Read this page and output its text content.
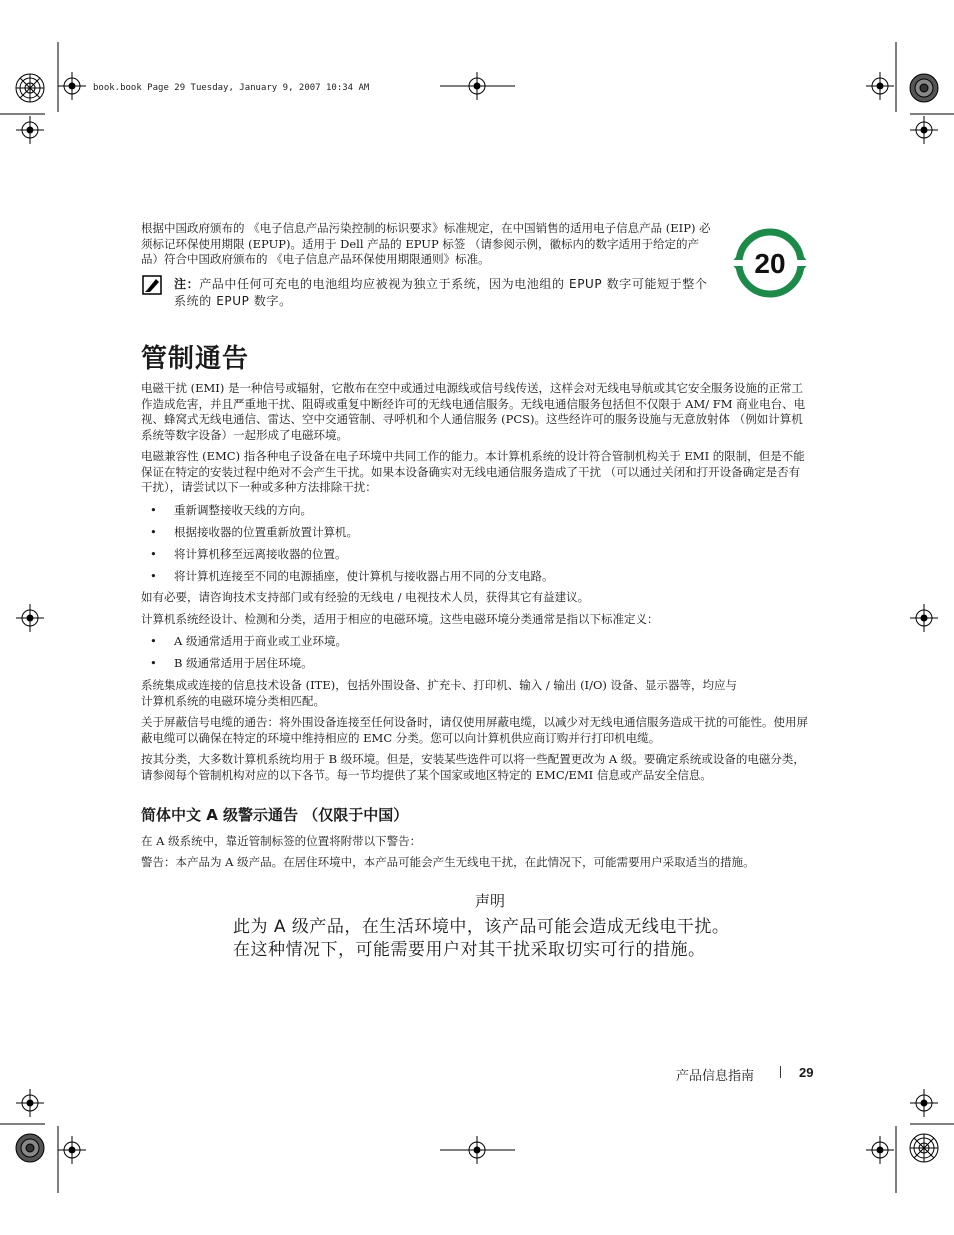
book.book Page 29 Tuesday, January 9, 2007 10:34 AM
根据中国政府颁布的 《电子信息产品污染控制的标识要求》标准规定，在中国销售的适用电子信息产品 (EIP) 必须标记环保使用期限 (EPUP)。适用于 Dell 产品的 EPUP 标签 （请参阅示例，徽标内的数字适用于给定的产品）符合中国政府颁布的 《电子信息产品环保使用期限通则》标准。	20
注：产品中任何可充电的电池组均应被视为独立于系统，因为电池组的 EPUP 数字可能短于整个系统的 EPUP 数字。
管制通告
电磁干扰 (EMI) 是一种信号或辐射，它散布在空中或通过电源线或信号线传送，这样会对无线电导航或其它安全服务设施的正常工作造成危害，并且严重地干扰、阻碍或重复中断经许可的无线电通信服务。无线电通信服务包括但不仅限于 AM/ FM 商业电台、电视、蜂窝式无线电通信、雷达、空中交通管制、寻呼机和个人通信服务 (PCS)。这些经许可的服务设施与无意放射体 （例如计算机系统等数字设备）一起形成了电磁环境。
电磁兼容性 (EMC) 指各种电子设备在电子环境中共同工作的能力。本计算机系统的设计符合管制机构关于 EMI 的限制，但是不能保证在特定的安装过程中绝对不会产生干扰。如果本设备确实对无线电通信服务造成了干扰 （可以通过关闭和打开设备确定是否有干扰），请尝试以下一种或多种方法排除干扰：
• 重新调整接收天线的方向。
• 根据接收器的位置重新放置计算机。
• 将计算机移至远离接收器的位置。
• 将计算机连接至不同的电源插座，使计算机与接收器占用不同的分支电路。
如有必要，请咨询技术支持部门或有经验的无线电 / 电视技术人员，获得其它有益建议。
计算机系统经设计、检测和分类，适用于相应的电磁环境。这些电磁环境分类通常是指以下标准定义：
• A 级通常适用于商业或工业环境。
• B 级通常适用于居住环境。
系统集成或连接的信息技术设备 (ITE)，包括外围设备、扩充卡、打印机、输入 / 输出 (I/O) 设备、显示器等，均应与计算机系统的电磁环境分类相匹配。
关于屏蔽信号电缆的通告：将外围设备连接至任何设备时，请仅使用屏蔽电缆，以减少对无线电通信服务造成干扰的可能性。使用屏蔽电缆可以确保在特定的环境中维持相应的 EMC 分类。您可以向计算机供应商订购并行打印机电缆。
按其分类，大多数计算机系统均用于 B 级环境。但是，安装某些选件可以将一些配置更改为 A 级。要确定系统或设备的电磁分类，请参阅每个管制机构对应的以下各节。每一节均提供了某个国家或地区特定的 EMC/EMI 信息或产品安全信息。
简体中文 A 级警示通告 （仅限于中国）
在 A 级系统中，靠近管制标签的位置将附带以下警告：
警告：本产品为 A 级产品。在居住环境中，本产品可能会产生无线电干扰，在此情况下，可能需要用户采取适当的措施。
声明
此为 A 级产品，在生活环境中，该产品可能会造成无线电干扰。
在这种情况下，可能需要用户对其干扰采取切实可行的措施。
产品信息指南	29
